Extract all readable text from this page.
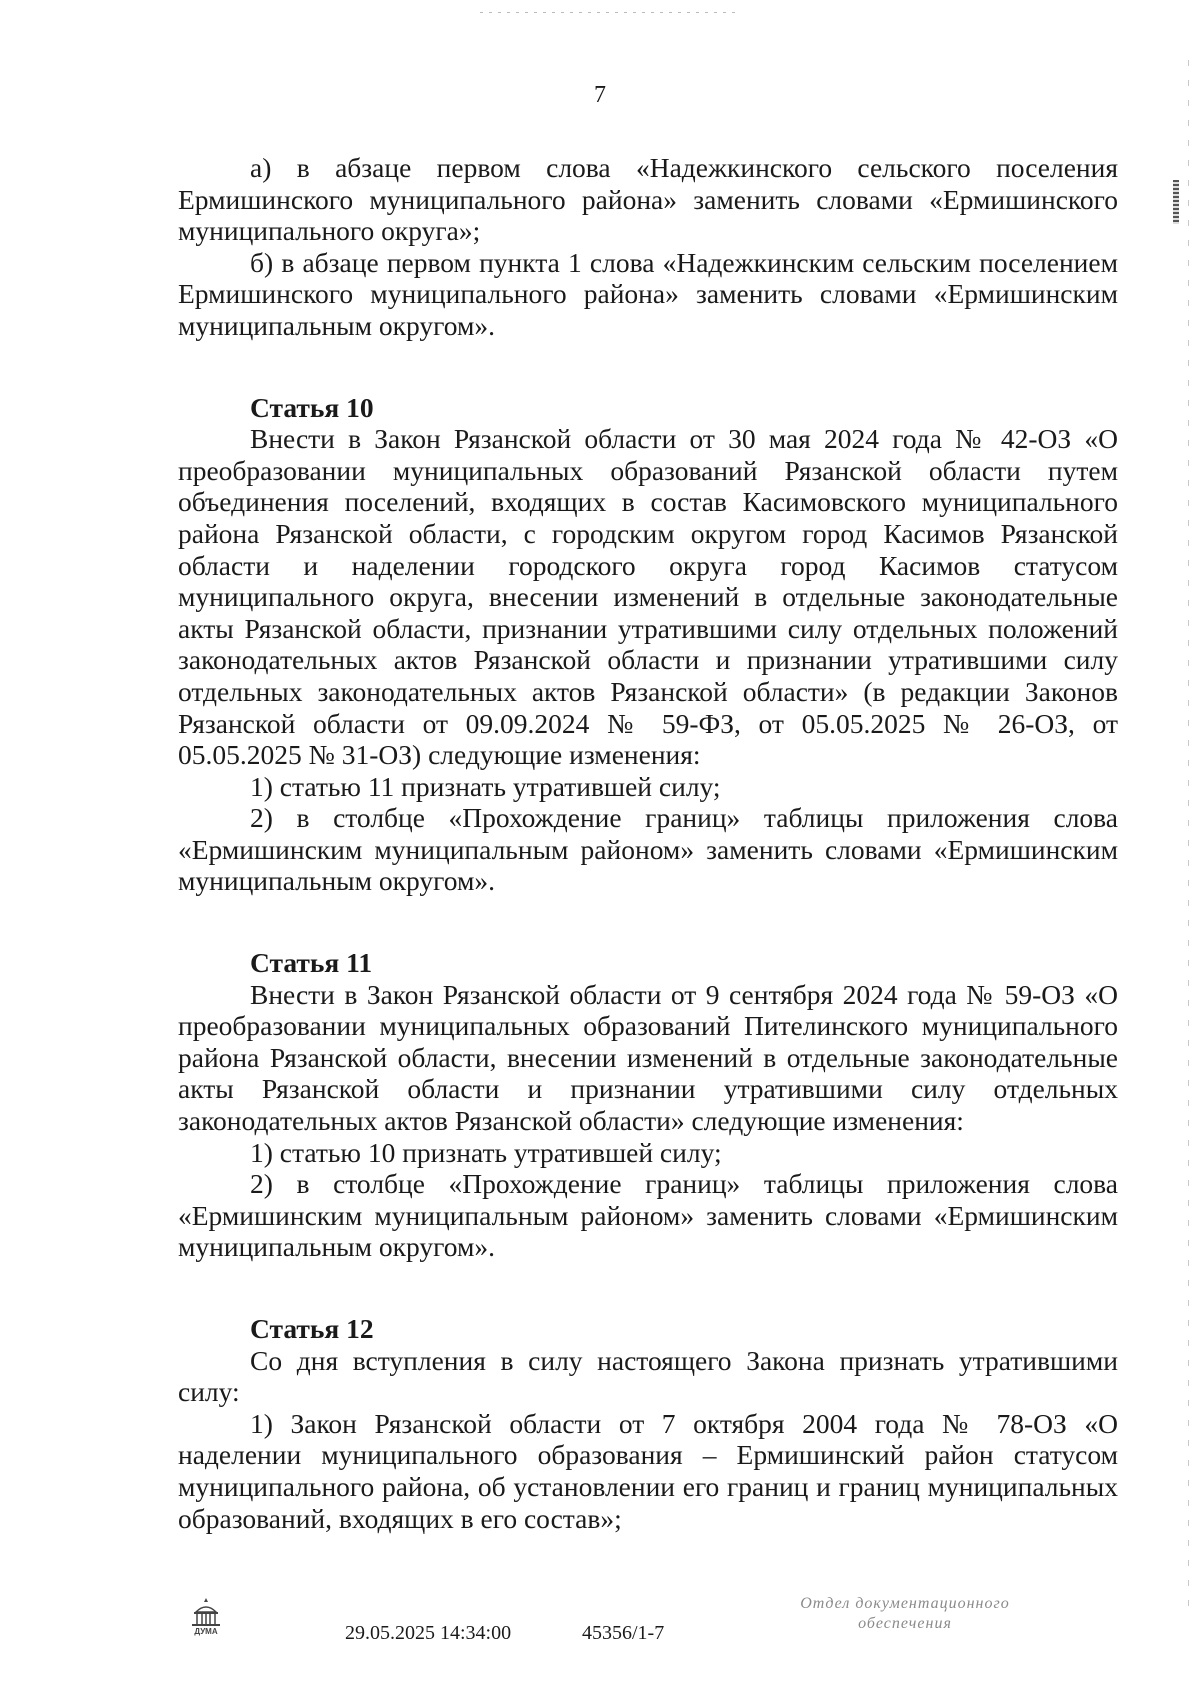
7

а) в абзаце первом слова «Надежкинского сельского поселения Ермишинского муниципального района» заменить словами «Ермишинского муниципального округа»;

б) в абзаце первом пункта 1 слова «Надежкинским сельским поселением Ермишинского муниципального района» заменить словами «Ермишинским муниципальным округом».

Статья 10

Внести в Закон Рязанской области от 30 мая 2024 года № 42-ОЗ «О преобразовании муниципальных образований Рязанской области путем объединения поселений, входящих в состав Касимовского муниципального района Рязанской области, с городским округом город Касимов Рязанской области и наделении городского округа город Касимов статусом муниципального округа, внесении изменений в отдельные законодательные акты Рязанской области, признании утратившими силу отдельных положений законодательных актов Рязанской области и признании утратившими силу отдельных законодательных актов Рязанской области» (в редакции Законов Рязанской области от 09.09.2024 № 59-ФЗ, от 05.05.2025 № 26-ОЗ, от 05.05.2025 № 31-ОЗ) следующие изменения:

1) статью 11 признать утратившей силу;

2) в столбце «Прохождение границ» таблицы приложения слова «Ермишинским муниципальным районом» заменить словами «Ермишинским муниципальным округом».

Статья 11

Внести в Закон Рязанской области от 9 сентября 2024 года № 59-ОЗ «О преобразовании муниципальных образований Пителинского муниципального района Рязанской области, внесении изменений в отдельные законодательные акты Рязанской области и признании утратившими силу отдельных законодательных актов Рязанской области» следующие изменения:

1) статью 10 признать утратившей силу;

2) в столбце «Прохождение границ» таблицы приложения слова «Ермишинским муниципальным районом» заменить словами «Ермишинским муниципальным округом».

Статья 12

Со дня вступления в силу настоящего Закона признать утратившими силу:

1) Закон Рязанской области от 7 октября 2004 года № 78-ОЗ «О наделении муниципального образования – Ермишинский район статусом муниципального района, об установлении его границ и границ муниципальных образований, входящих в его состав»;

ДУМА	29.05.2025 14:34:00	45356/1-7
Отдел документационного
обеспечения
